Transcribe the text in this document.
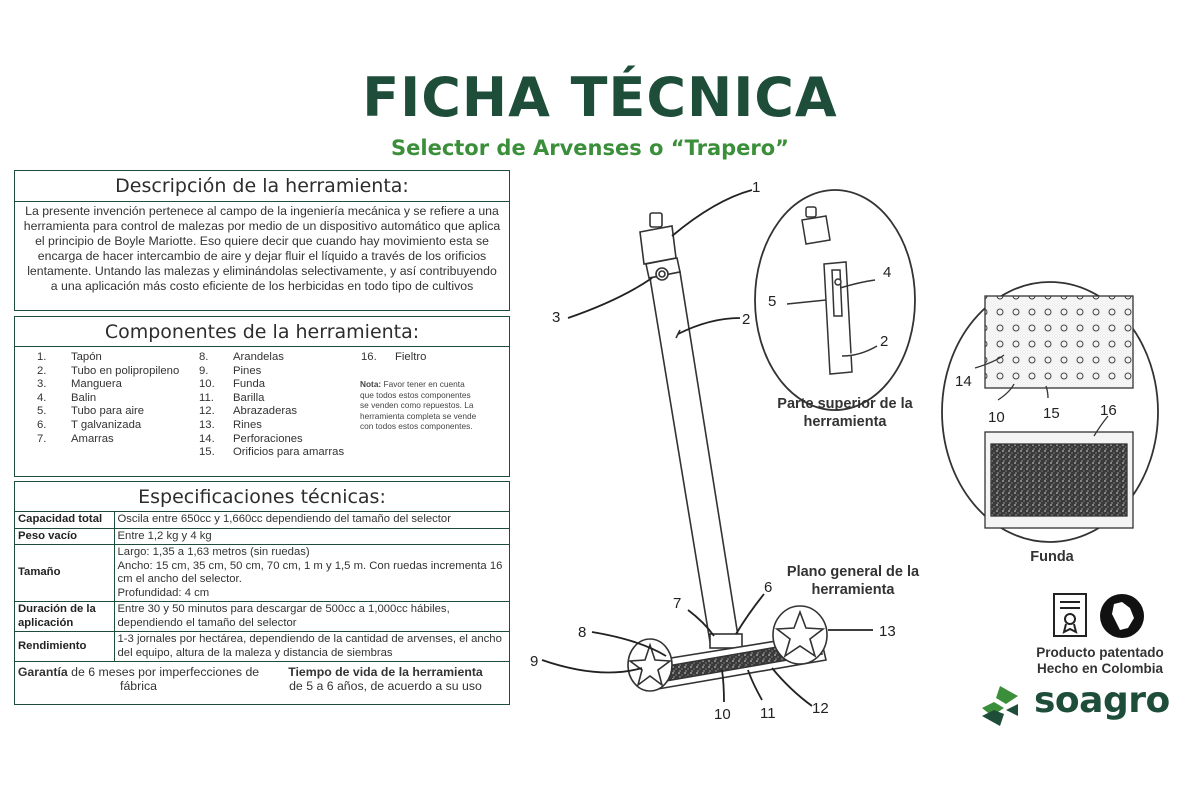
FICHA TÉCNICA
Selector de Arvenses o “Trapero”
Descripción de la herramienta:
La presente invención pertenece al campo de la ingeniería mecánica y se refiere a una herramienta para control de malezas por medio de un dispositivo automático que aplica el principio de Boyle Mariotte. Eso quiere decir que cuando hay movimiento esta se encarga de hacer intercambio de aire y dejar fluir el líquido a través de los orificios lentamente. Untando las malezas y eliminándolas selectivamente, y así contribuyendo a una aplicación más costo eficiente de los herbicidas en todo tipo de cultivos
Componentes de la herramienta:
1.	Tapón
2.	Tubo en polipropileno
3.	Manguera
4.	Balin
5.	Tubo para aire
6.	T galvanizada
7.	Amarras
8.	Arandelas
9.	Pines
10.	Funda
11.	Barilla
12.	Abrazaderas
13.	Rines
14.	Perforaciones
15.	Orificios para amarras
16.	Fieltro
Nota: Favor tener en cuenta que todos estos componentes se venden como repuestos. La herramienta completa se vende con todos estos componentes.
Especificaciones técnicas:
Capacidad total	Oscila entre 650cc y 1,660cc dependiendo del tamaño del selector
Peso vacío	Entre 1,2 kg y 4 kg
Tamaño	Largo: 1,35 a 1,63 metros (sin ruedas)
Ancho: 15 cm, 35 cm, 50 cm, 70 cm, 1 m y 1,5 m. Con ruedas incrementa 16 cm el ancho del selector.
Profundidad: 4 cm
Duración de la aplicación	Entre 30 y 50 minutos para descargar de 500cc a 1,000cc hábiles, dependiendo el tamaño del selector
Rendimiento	1-3 jornales por hectárea, dependiendo de la cantidad de arvenses, el ancho del equipo, altura de la maleza y distancia de siembras
Garantía de 6 meses por imperfecciones de fábrica
Tiempo de vida de la herramienta
de 5 a 6 años, de acuerdo a su uso
1
2
3
4
5
2
7
6
8
9
10 11 12
13
14
10	15	16
Parte superior de la herramienta
Plano general de la herramienta
Funda
Producto patentado
Hecho en Colombia
soagro
